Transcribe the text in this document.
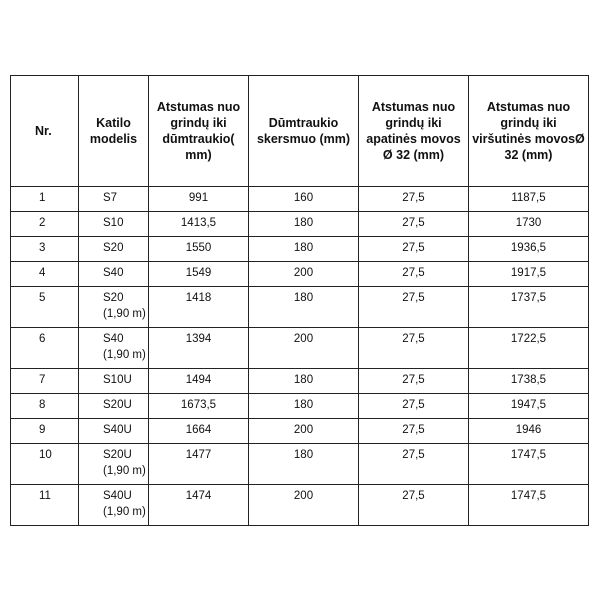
Nr.	Katilo modelis	Atstumas nuo grindų iki dūmtraukio( mm)	Dūmtraukio skersmuo (mm)	Atstumas nuo grindų iki apatinės movos Ø 32 (mm)	Atstumas nuo grindų iki viršutinės movosØ 32 (mm)
1	S7	991	160	27,5	1187,5
2	S10	1413,5	180	27,5	1730
3	S20	1550	180	27,5	1936,5
4	S40	1549	200	27,5	1917,5
5	S20 (1,90 m)	1418	180	27,5	1737,5
6	S40 (1,90 m)	1394	200	27,5	1722,5
7	S10U	1494	180	27,5	1738,5
8	S20U	1673,5	180	27,5	1947,5
9	S40U	1664	200	27,5	1946
10	S20U (1,90 m)	1477	180	27,5	1747,5
11	S40U (1,90 m)	1474	200	27,5	1747,5
